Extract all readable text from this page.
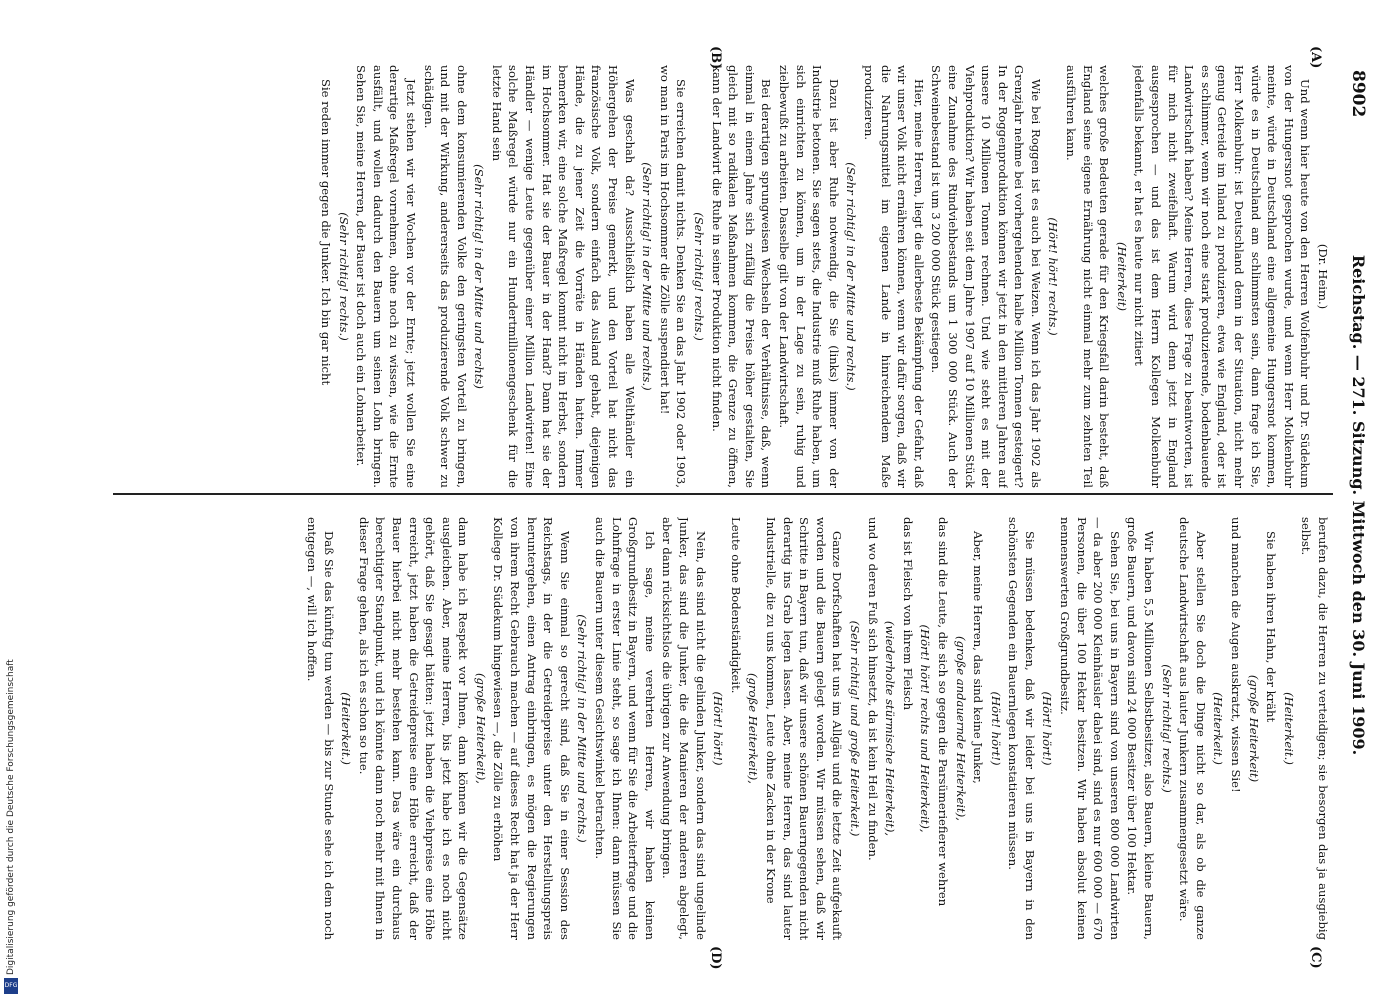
8902
Reichstag. — 271. Sitzung. Mittwoch den 30. Juni 1909.
(A)
(B)
(C)
(D)

(Dr. Heim.)

Und wenn hier heute von den Herren Wolfenbuhr und Dr. Südekum von der Hungersnot gesprochen wurde, und wenn Herr Molkenbuhr meinte, würde in Deutschland eine allgemeine Hungersnot kommen, würde es in Deutschland am schlimmsten sein, dann frage ich Sie, Herr Molkenbuhr: ist Deutschland denn in der Situation, nicht mehr genug Getreide im Inland zu produzieren, etwa wie England, oder ist es schlimmer, wenn wir noch eine stark produzierende, bodenbauende Landwirtschaft haben? Meine Herren, diese Frage zu beantworten, ist für mich nicht zweifelhaft. Warum wird denn jetzt in England ausgesprochen — und das ist dem Herrn Kollegen Molkenbuhr jedenfalls bekannt, er hat es heute nur nicht zitiert

(Heiterkeit)

welches große Bedeuten gerade für den Kriegsfall darin besteht, daß England seine eigene Ernährung nicht einmal mehr zum zehnten Teil ausführen kann.

(Hört! hört! rechts.)

Wie bei Roggen ist es auch bei Weizen. Wenn ich das Jahr 1902 als Grenzjahr nehme bei vorhergehenden halbe Million Tonnen gesteigert? In der Roggenproduktion können wir jetzt in den mittleren Jahren auf unsere 10 Millionen Tonnen rechnen. Und wie steht es mit der Viehproduktion? Wir haben seit dem Jahre 1907 auf 10 Millionen Stück eine Zunahme des Rindviehbestands um 1 300 000 Stück. Auch der Schweinebestand ist um 3 200 000 Stück gestiegen.

Hier, meine Herren, liegt die allerbeste Bekämpfung der Gefahr, daß wir unser Volk nicht ernähren können, wenn wir dafür sorgen, daß wir die Nahrungsmittel im eigenen Lande in hinreichendem Maße produzieren.

(Sehr richtig! in der Mitte und rechts.)

Dazu ist aber Ruhe notwendig, die Sie (links) immer von der Industrie betonen. Sie sagen stets, die Industrie muß Ruhe haben, um sich einrichten zu können, um in der Lage zu sein, ruhig und zielbewußt zu arbeiten. Dasselbe gilt von der Landwirtschaft.

Bei derartigen sprungweisen Wechseln der Verhältnisse, daß, wenn einmal in einem Jahre sich zufällig die Preise höher gestalten, Sie gleich mit so radikalen Maßnahmen kommen, die Grenze zu öffnen, kann der Landwirt die Ruhe in seiner Produktion nicht finden.

(Sehr richtig! rechts.)

Sie erreichen damit nichts. Denken Sie an das Jahr 1902 oder 1903, wo man in Paris im Hochsommer die Zölle suspendiert hat!

(Sehr richtig! in der Mitte und rechts.)

Was geschah da? Ausschließlich haben alle Welthändler ein Höhergehen der Preise gemerkt, und den Vorteil hat nicht das französische Volk, sondern einfach das Ausland gehabt, diejenigen Hände, die zu jener Zeit die Vorräte in Händen hatten. Immer bemerken wir, eine solche Maßregel kommt nicht im Herbst, sondern im Hochsommer. Hat sie der Bauer in der Hand? Dann hat sie der Händler — wenige Leute gegenüber einer Million Landwirten! Eine solche Maßregel würde nur ein Hundertmillionengeschenk für die letzte Hand sein

(Sehr richtig! in der Mitte und rechts)

ohne dem konsumierenden Volke den geringsten Vorteil zu bringen, und mit der Wirkung, andererseits das produzierende Volk schwer zu schädigen.

Jetzt stehen wir vier Wochen vor der Ernte; jetzt wollen Sie eine derartige Maßregel vornehmen, ohne noch zu wissen, wie die Ernte ausfällt, und wollen dadurch den Bauern um seinen Lohn bringen. Sehen Sie, meine Herren, der Bauer ist doch auch ein Lohnarbeiter.

(Sehr richtig! rechts.)

Sie reden immer gegen die Junker. Ich bin gar nicht

berufen dazu, die Herren zu verteidigen; sie besorgen das ja ausgiebig selbst.

(Heiterkeit.)

Sie haben ihren Hahn, der kräht

(große Heiterkeit)

und manchen die Augen auskratzt, wissen Sie!

(Heiterkeit.)

Aber stellen Sie doch die Dinge nicht so dar, als ob die ganze deutsche Landwirtschaft aus lauter Junkern zusammengesetzt wäre.

(Sehr richtig! rechts.)

Wir haben 5,5 Millionen Selbstbesitzer, also Bauern, kleine Bauern, große Bauern, und davon sind 24 000 Besitzer über 100 Hektar.

Sehen Sie, bei uns in Bayern sind von unseren 800 000 Landwirten — da aber 200 000 Kleinhäusler dabei sind, sind es nur 600 000 — 670 Personen, die über 100 Hektar besitzen. Wir haben absolut keinen nennenswerten Großgrundbesitz.

(Hört! hört!)

Sie müssen bedenken, daß wir leider bei uns in Bayern in den schönsten Gegenden ein Bauernlegen konstatieren müssen.

(Hört! hört!)

Aber, meine Herren, das sind keine Junker,

(große andauernde Heiterkeit),

das sind die Leute, die sich so gegen die Parsümeriefierer wehren

(Hört! hört! rechts und Heiterkeit),

das ist Fleisch von ihrem Fleisch

(wiederholte stürmische Heiterkeit),

und wo deren Fuß sich hinsetzt, da ist kein Heil zu finden.

(Sehr richtig! und große Heiterkeit.)

Ganze Dorfschaften hat uns im Allgäu und die letzte Zeit aufgekauft worden und die Bauern gelegt worden. Wir müssen sehen, daß wir Schritte in Bayern tun, daß wir unsere schönen Bauerngegenden nicht derartig ins Grab legen lassen. Aber, meine Herren, das sind lauter Industrielle, die zu uns kommen, Leute ohne Zacken in der Krone

(große Heiterkeit),

Leute ohne Bodenständigkeit.

(Hört! hört!)

Nein, das sind nicht die gelinden Junker, sondern das sind ungelinde Junker, das sind die Junker, die die Manieren der anderen abgelegt, aber dann rücksichtslos die übrigen zur Anwendung bringen.

Ich sage, meine verehrten Herren, wir haben keinen Großgrundbesitz in Bayern, und wenn für Sie die Arbeiterfrage und die Lohnfrage in erster Linie steht, so sage ich Ihnen: dann müssen Sie auch die Bauern unter diesem Gesichtswinkel betrachten.

(Sehr richtig! in der Mitte und rechts.)

Wenn Sie einmal so gerecht sind, daß Sie in einer Session des Reichstags, in der die Getreidepreise unter den Herstellungspreis heruntergehen, einen Antrag einbringen, es mögen die Regierungen von ihrem Recht Gebrauch machen — auf dieses Recht hat ja der Herr Kollege Dr. Südekum hingewiesen —, die Zölle zu erhöhen

(große Heiterkeit),

dann habe ich Respekt vor Ihnen, dann können wir die Gegensätze ausgleichen. Aber, meine Herren, bis jetzt habe ich es noch nicht gehört, daß Sie gesagt hätten: jetzt haben die Viehpreise eine Höhe erreicht, jetzt haben die Getreidepreise eine Höhe erreicht, daß der Bauer hierbei nicht mehr bestehen kann. Das wäre ein durchaus berechtigter Standpunkt, und ich könnte dann noch mehr mit Ihnen in dieser Frage gehen, als ich es schon so tue.

(Heiterkeit.)

Daß Sie das künftig tun werden — bis zur Stunde sehe ich dem noch entgegen —, will ich hoffen.

Digitalisierung gefördert durch die Deutsche Forschungsgemeinschaft
DFG
